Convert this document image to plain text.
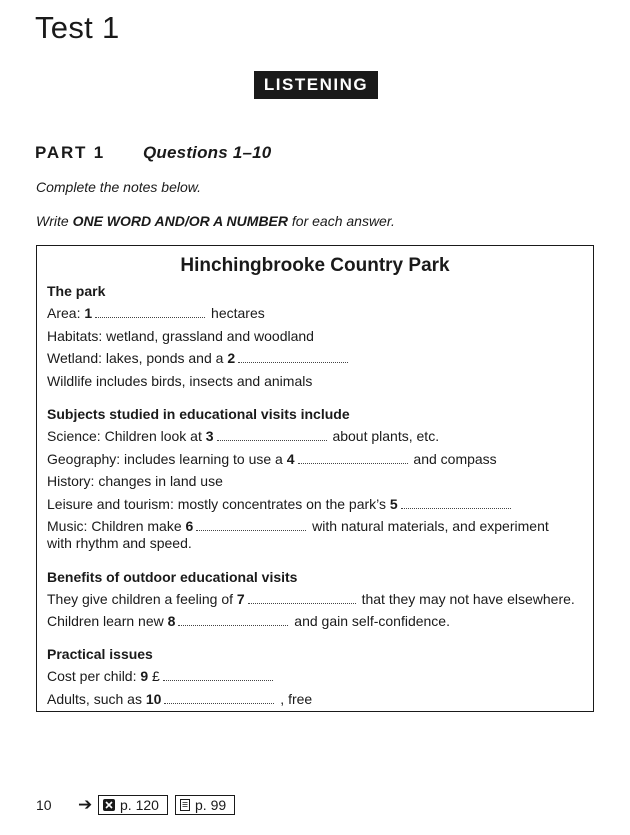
Test 1
LISTENING
PART 1 Questions 1–10
Complete the notes below.
Write ONE WORD AND/OR A NUMBER for each answer.
Hinchingbrooke Country Park
The park
Area: 1	hectares
Habitats: wetland, grassland and woodland
Wetland: lakes, ponds and a 2
Wildlife includes birds, insects and animals
Subjects studied in educational visits include
Science: Children look at 3	about plants, etc.
Geography: includes learning to use a 4	and compass
History: changes in land use
Leisure and tourism: mostly concentrates on the park’s 5
Music: Children make 6	with natural materials, and experiment
with rhythm and speed.
Benefits of outdoor educational visits
They give children a feeling of 7	that they may not have elsewhere.
Children learn new 8	and gain self-confidence.
Practical issues
Cost per child: 9 £
Adults, such as 10	, free
10 ➔ p. 120	p. 99
